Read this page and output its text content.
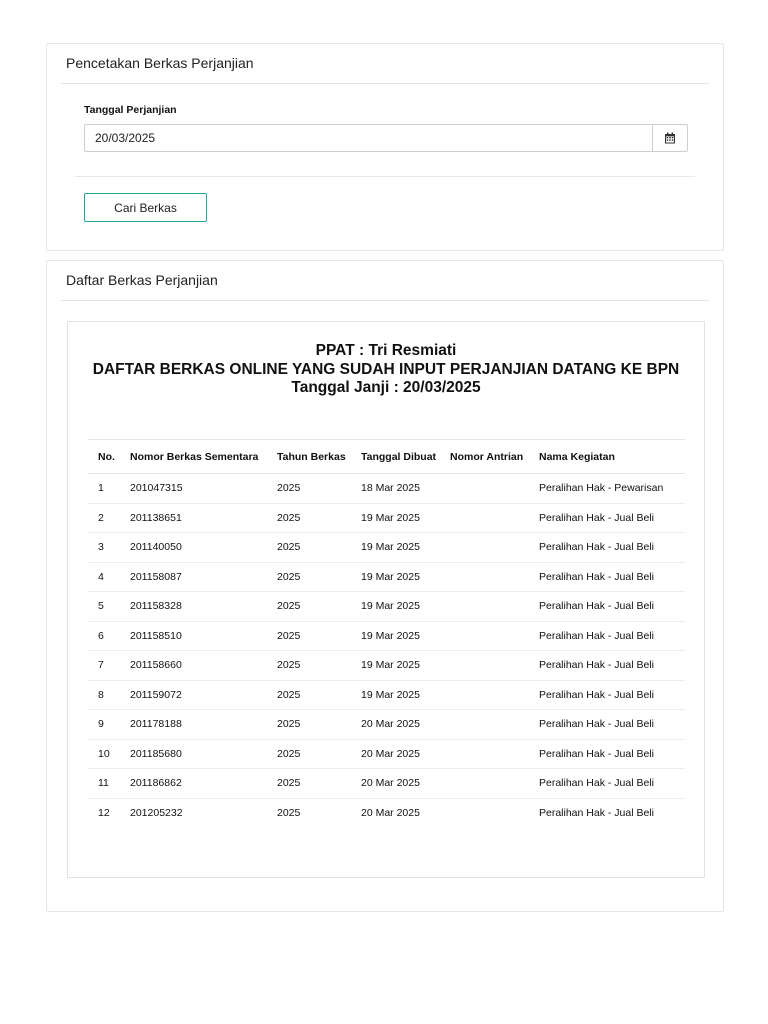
Pencetakan Berkas Perjanjian
Tanggal Perjanjian
20/03/2025
Cari Berkas
Daftar Berkas Perjanjian
PPAT : Tri Resmiati
DAFTAR BERKAS ONLINE YANG SUDAH INPUT PERJANJIAN DATANG KE BPN
Tanggal Janji : 20/03/2025
No.	Nomor Berkas Sementara	Tahun Berkas	Tanggal Dibuat	Nomor Antrian	Nama Kegiatan
1	201047315	2025	18 Mar 2025		Peralihan Hak - Pewarisan
2	201138651	2025	19 Mar 2025		Peralihan Hak - Jual Beli
3	201140050	2025	19 Mar 2025		Peralihan Hak - Jual Beli
4	201158087	2025	19 Mar 2025		Peralihan Hak - Jual Beli
5	201158328	2025	19 Mar 2025		Peralihan Hak - Jual Beli
6	201158510	2025	19 Mar 2025		Peralihan Hak - Jual Beli
7	201158660	2025	19 Mar 2025		Peralihan Hak - Jual Beli
8	201159072	2025	19 Mar 2025		Peralihan Hak - Jual Beli
9	201178188	2025	20 Mar 2025		Peralihan Hak - Jual Beli
10	201185680	2025	20 Mar 2025		Peralihan Hak - Jual Beli
11	201186862	2025	20 Mar 2025		Peralihan Hak - Jual Beli
12	201205232	2025	20 Mar 2025		Peralihan Hak - Jual Beli
